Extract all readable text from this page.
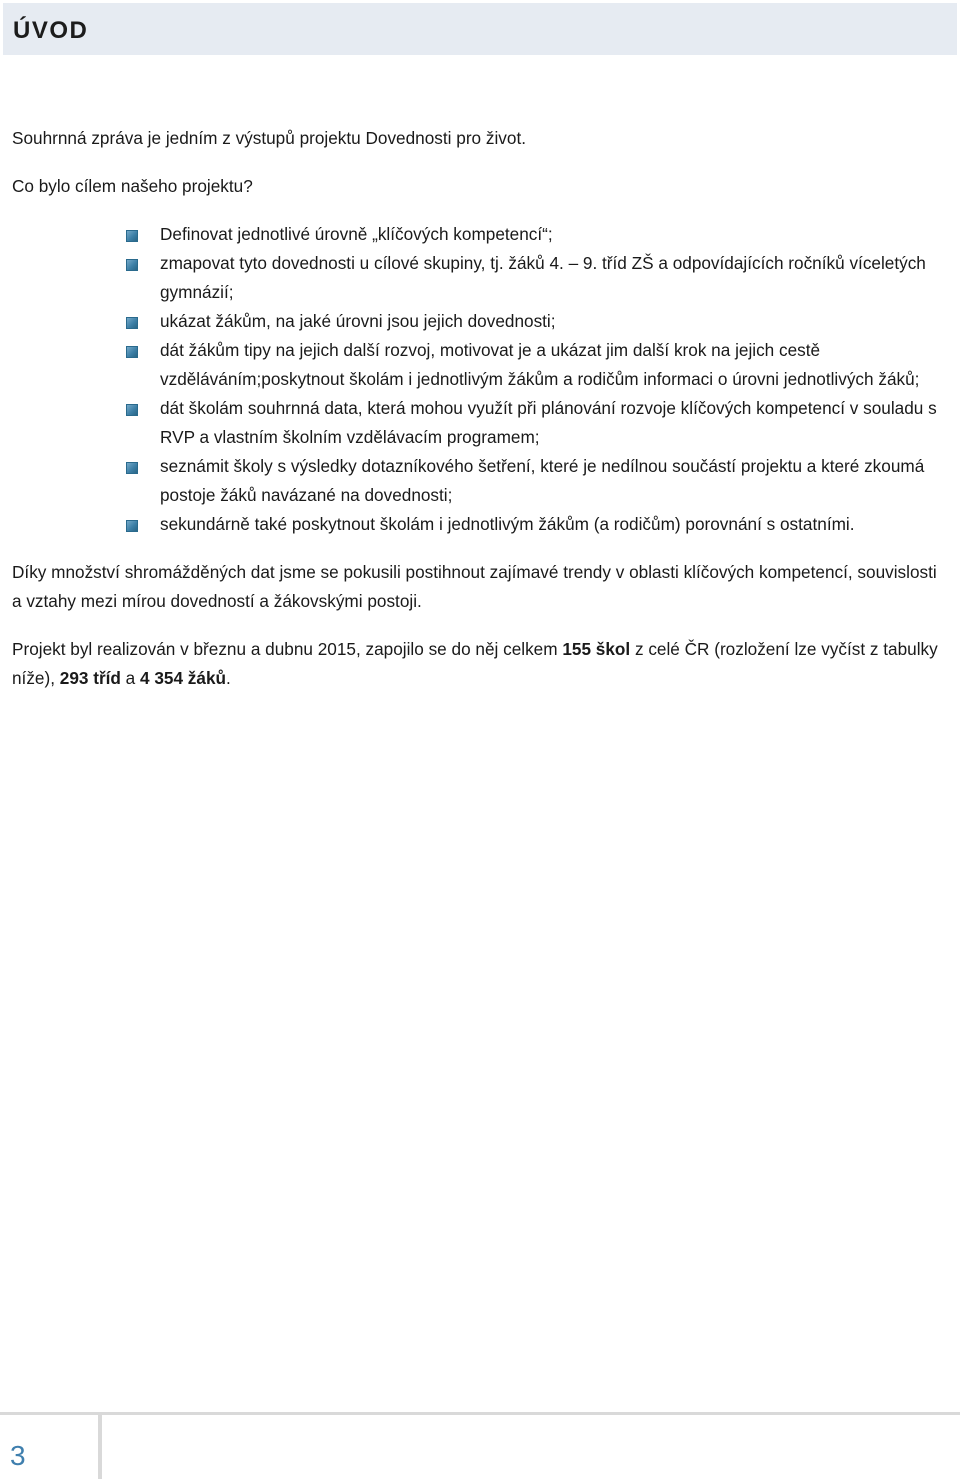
ÚVOD

Souhrnná zpráva je jedním z výstupů projektu Dovednosti pro život.

Co bylo cílem našeho projektu?

Definovat jednotlivé úrovně „klíčových kompetencí“;
zmapovat tyto dovednosti u cílové skupiny, tj. žáků 4. – 9. tříd ZŠ a odpovídajících ročníků víceletých gymnázií;
ukázat žákům, na jaké úrovni jsou jejich dovednosti;
dát žákům tipy na jejich další rozvoj, motivovat je a ukázat jim další krok na jejich cestě vzděláváním;poskytnout školám i jednotlivým žákům a rodičům informaci o úrovni jednotlivých žáků;
dát školám souhrnná data, která mohou využít při plánování rozvoje klíčových kompetencí v souladu s RVP a vlastním školním vzdělávacím programem;
seznámit školy s výsledky dotazníkového šetření, které je nedílnou součástí projektu a které zkoumá postoje žáků navázané na dovednosti;
sekundárně také poskytnout školám i jednotlivým žákům (a rodičům) porovnání s ostatními.

Díky množství shromážděných dat jsme se pokusili postihnout zajímavé trendy v oblasti klíčových kompetencí, souvislosti a vztahy mezi mírou dovedností a žákovskými postoji.

Projekt byl realizován v březnu a dubnu 2015, zapojilo se do něj celkem 155 škol z celé ČR (rozložení lze vyčíst z tabulky níže), 293 tříd a 4 354 žáků.

3
